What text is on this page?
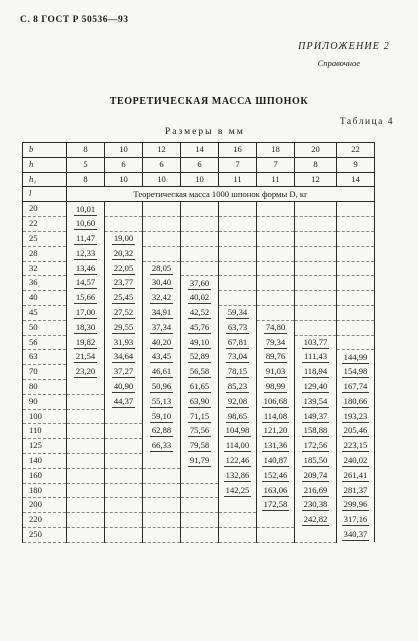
С. 8 ГОСТ Р 50536—93
ПРИЛОЖЕНИЕ 2
Справочное
ТЕОРЕТИЧЕСКАЯ МАССА ШПОНОК
Таблица 4
Размеры в мм
b	8	10	12	14	16	18	20	22
h	5	6	6	6	7	7	8	9
h₁	8	10	10	10	11	11	12	14
l	Теоретическая масса 1000 шпонок формы D, кг							
20	10,01							
22	10,60							
25	11,47	19,00						
28	12,33	20,32						
32	13,46	22,05	28,05					
36	14,57	23,77	30,40	37,60				
40	15,66	25,45	32,42	40,02				
45	17,00	27,52	34,91	42,52	59,34			
50	18,30	29,55	37,34	45,76	63,73	74,80		
56	19,82	31,93	40,20	49,10	67,81	79,34	103,77	
63	21,54	34,64	43,45	52,89	73,04	89,76	111,43	144,99
70	23,20	37,27	46,61	56,58	78,15	91,03	118,94	154,98
80		40,90	50,96	61,65	85,23	98,99	129,40	167,74
90		44,37	55,13	63,90	92,08	106,68	139,54	180,66
100			59,10	71,15	98,65	114,08	149,37	193,23
110			62,88	75,56	104,98	121,20	158,88	205,46
125			66,33	79,58	114,00	131,36	172,56	223,15
140				91,79	122,46	140,87	185,50	240,02
160					132,86	152,46	209,74	261,41
180					142,25	163,06	216,69	281,37
200						172,58	230,38	299,96
220							242,82	317,16
250								340,37
